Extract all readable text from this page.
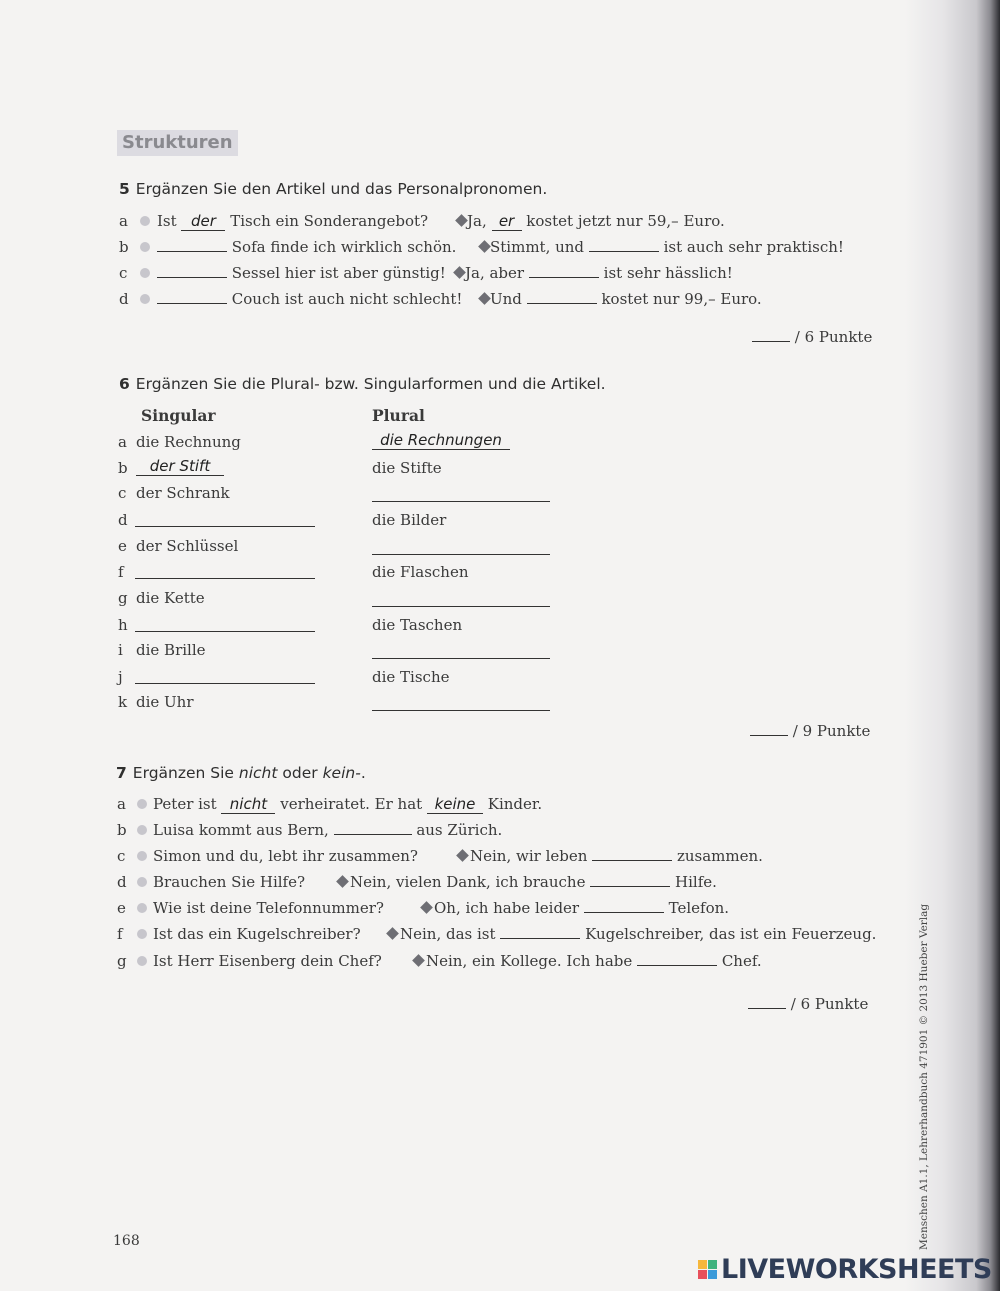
Strukturen
5 Ergänzen Sie den Artikel und das Personalpronomen.
/ 6 Punkte
6 Ergänzen Sie die Plural- bzw. Singularformen und die Artikel.
Singular	Plural
/ 9 Punkte
7 Ergänzen Sie nicht oder kein-.
/ 6 Punkte
168	Menschen A1.1, Lehrerhandbuch 471901 © 2013 Hueber Verlag
LIVEWORKSHEETS
a Ist der Tisch ein Sonderangebot?	Ja, er kostet jetzt nur 59,– Euro.
b	Sofa finde ich wirklich schön. Stimmt, und	ist auch sehr praktisch!
c	Sessel hier ist aber günstig! Ja, aber	ist sehr hässlich!
d	Couch ist auch nicht schlecht! Und	kostet nur 99,– Euro.
a die Rechnung	die Rechnungen
b	der Stift	die Stifte
c der Schrank
d	die Bilder
e der Schlüssel
f	die Flaschen
g die Kette
h	die Taschen
i die Brille
j	die Tische
k die Uhr
a Peter ist nicht verheiratet. Er hat keine Kinder.
b Luisa kommt aus Bern,	aus Zürich.
c Simon und du, lebt ihr zusammen?	Nein, wir leben	zusammen.
d Brauchen Sie Hilfe?	Nein, vielen Dank, ich brauche	Hilfe.
e Wie ist deine Telefonnummer?	Oh, ich habe leider	Telefon.
f Ist das ein Kugelschreiber?	Nein, das ist	Kugelschreiber, das ist ein Feuerzeug.
g Ist Herr Eisenberg dein Chef?	Nein, ein Kollege. Ich habe	Chef.
